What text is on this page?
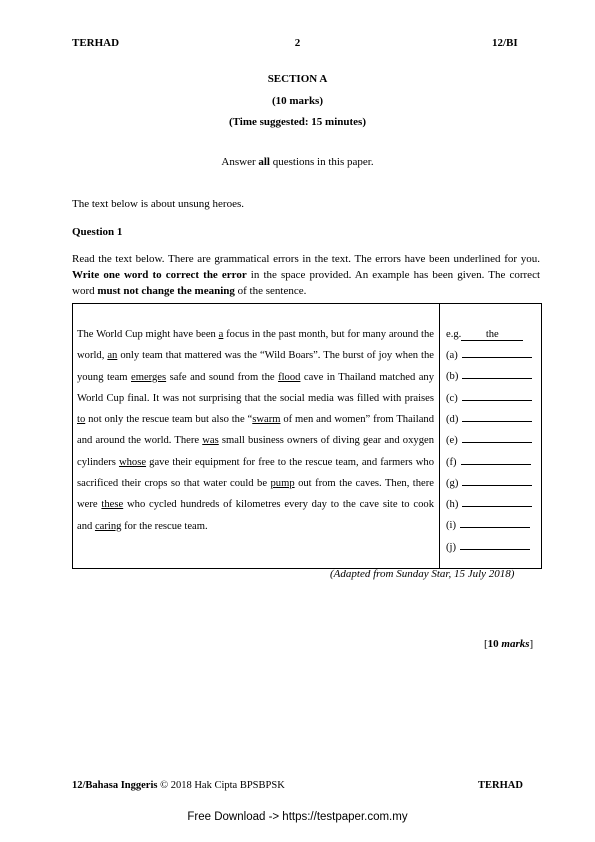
TERHAD	2	12/BI
SECTION A
(10 marks)
(Time suggested: 15 minutes)
Answer all questions in this paper.
The text below is about unsung heroes.
Question 1
Read the text below. There are grammatical errors in the text. The errors have been underlined for you. Write one word to correct the error in the space provided. An example has been given. The correct word must not change the meaning of the sentence.
The World Cup might have been a focus in the past month, but for many around the world, an only team that mattered was the “Wild Boars”. The burst of joy when the young team emerges safe and sound from the flood cave in Thailand matched any World Cup final. It was not surprising that the social media was filled with praises to not only the rescue team but also the “swarm of men and women” from Thailand and around the world. There was small business owners of diving gear and oxygen cylinders whose gave their equipment for free to the rescue team, and farmers who sacrificed their crops so that water could be pump out from the caves. Then, there were these who cycled hundreds of kilometres every day to the cave site to cook and caring for the rescue team.
e.g. the
(a)
(b)
(c)
(d)
(e)
(f)
(g)
(h)
(i)
(j)
(Adapted from Sunday Star, 15 July 2018)
[10 marks]
12/Bahasa Inggeris © 2018 Hak Cipta BPSBPSK	TERHAD
Free Download -> https://testpaper.com.my
